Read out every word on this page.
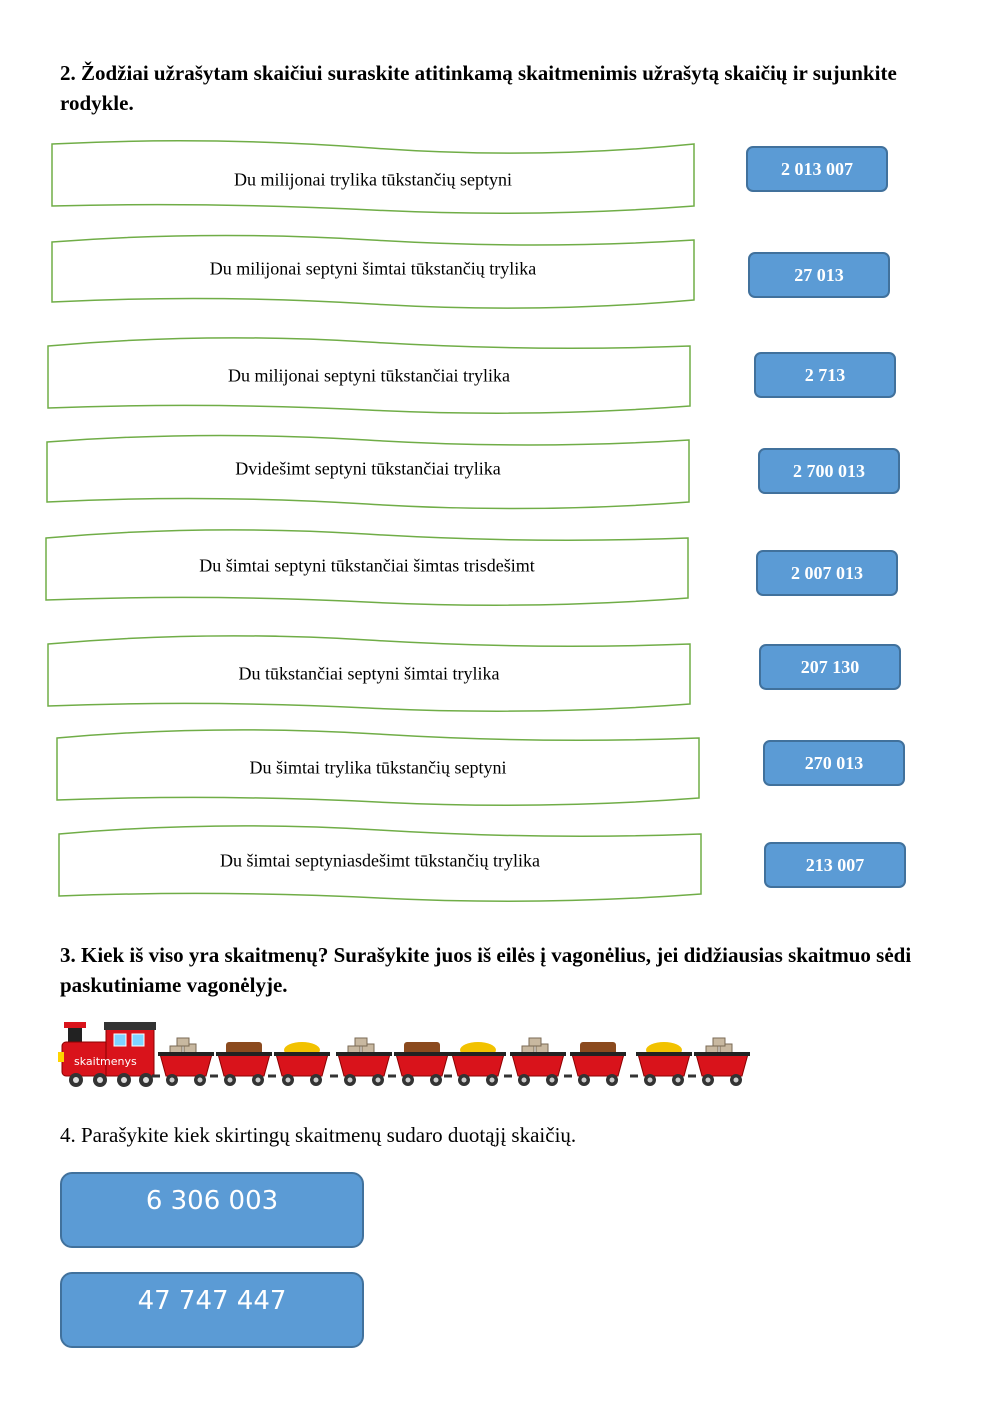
2. Žodžiai užrašytam skaičiui suraskite atitinkamą skaitmenimis užrašytą skaičių ir sujunkite rodykle.
Du milijonai trylika tūkstančių septyni
Du milijonai septyni šimtai tūkstančių trylika
Du milijonai septyni tūkstančiai trylika
Dvidešimt septyni tūkstančiai trylika
Du šimtai septyni tūkstančiai šimtas trisdešimt
Du tūkstančiai septyni šimtai trylika
Du šimtai trylika tūkstančių septyni
Du šimtai septyniasdešimt tūkstančių trylika
2 013 007
27 013
2 713
2 700 013
2 007 013
207 130
270 013
213 007
3. Kiek iš viso yra skaitmenų? Surašykite juos iš eilės į vagonėlius, jei didžiausias skaitmuo sėdi paskutiniame vagonėlyje.
skaitmenys
4. Parašykite kiek skirtingų skaitmenų sudaro duotąjį skaičių.
6 306 003
47 747 447
